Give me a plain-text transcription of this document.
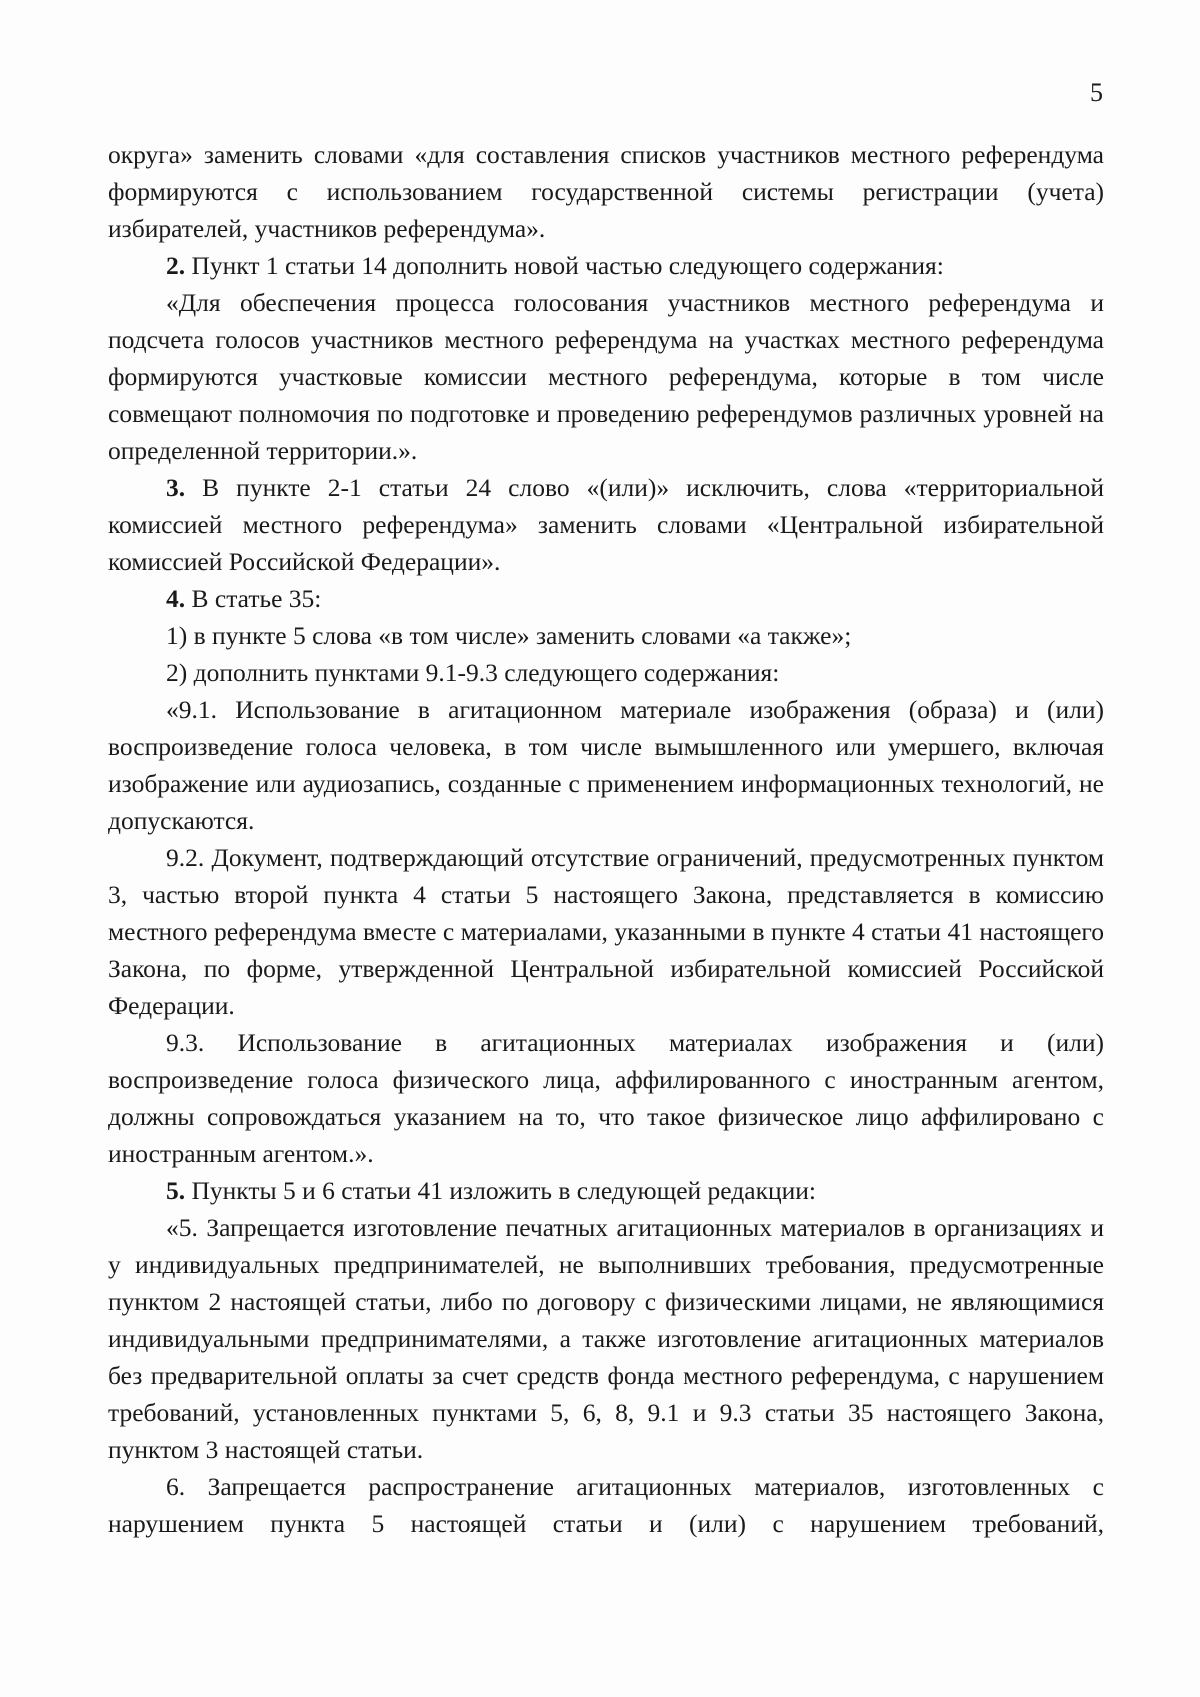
5

округа» заменить словами «для составления списков участников местного референдума формируются с использованием государственной системы регистрации (учета) избирателей, участников референдума».

2. Пункт 1 статьи 14 дополнить новой частью следующего содержания:

«Для обеспечения процесса голосования участников местного референдума и подсчета голосов участников местного референдума на участках местного референдума формируются участковые комиссии местного референдума, которые в том числе совмещают полномочия по подготовке и проведению референдумов различных уровней на определенной территории.».

3. В пункте 2-1 статьи 24 слово «(или)» исключить, слова «территориальной комиссией местного референдума» заменить словами «Центральной избирательной комиссией Российской Федерации».

4. В статье 35:

1) в пункте 5 слова «в том числе» заменить словами «а также»;

2) дополнить пунктами 9.1-9.3 следующего содержания:

«9.1. Использование в агитационном материале изображения (образа) и (или) воспроизведение голоса человека, в том числе вымышленного или умершего, включая изображение или аудиозапись, созданные с применением информационных технологий, не допускаются.

9.2. Документ, подтверждающий отсутствие ограничений, предусмотренных пунктом 3, частью второй пункта 4 статьи 5 настоящего Закона, представляется в комиссию местного референдума вместе с материалами, указанными в пункте 4 статьи 41 настоящего Закона, по форме, утвержденной Центральной избирательной комиссией Российской Федерации.

9.3. Использование в агитационных материалах изображения и (или) воспроизведение голоса физического лица, аффилированного с иностранным агентом, должны сопровождаться указанием на то, что такое физическое лицо аффилировано с иностранным агентом.».

5. Пункты 5 и 6 статьи 41 изложить в следующей редакции:

«5. Запрещается изготовление печатных агитационных материалов в организациях и у индивидуальных предпринимателей, не выполнивших требования, предусмотренные пунктом 2 настоящей статьи, либо по договору с физическими лицами, не являющимися индивидуальными предпринимателями, а также изготовление агитационных материалов без предварительной оплаты за счет средств фонда местного референдума, с нарушением требований, установленных пунктами 5, 6, 8, 9.1 и 9.3 статьи 35 настоящего Закона, пунктом 3 настоящей статьи.

6. Запрещается распространение агитационных материалов, изготовленных с нарушением пункта 5 настоящей статьи и (или) с нарушением требований,
